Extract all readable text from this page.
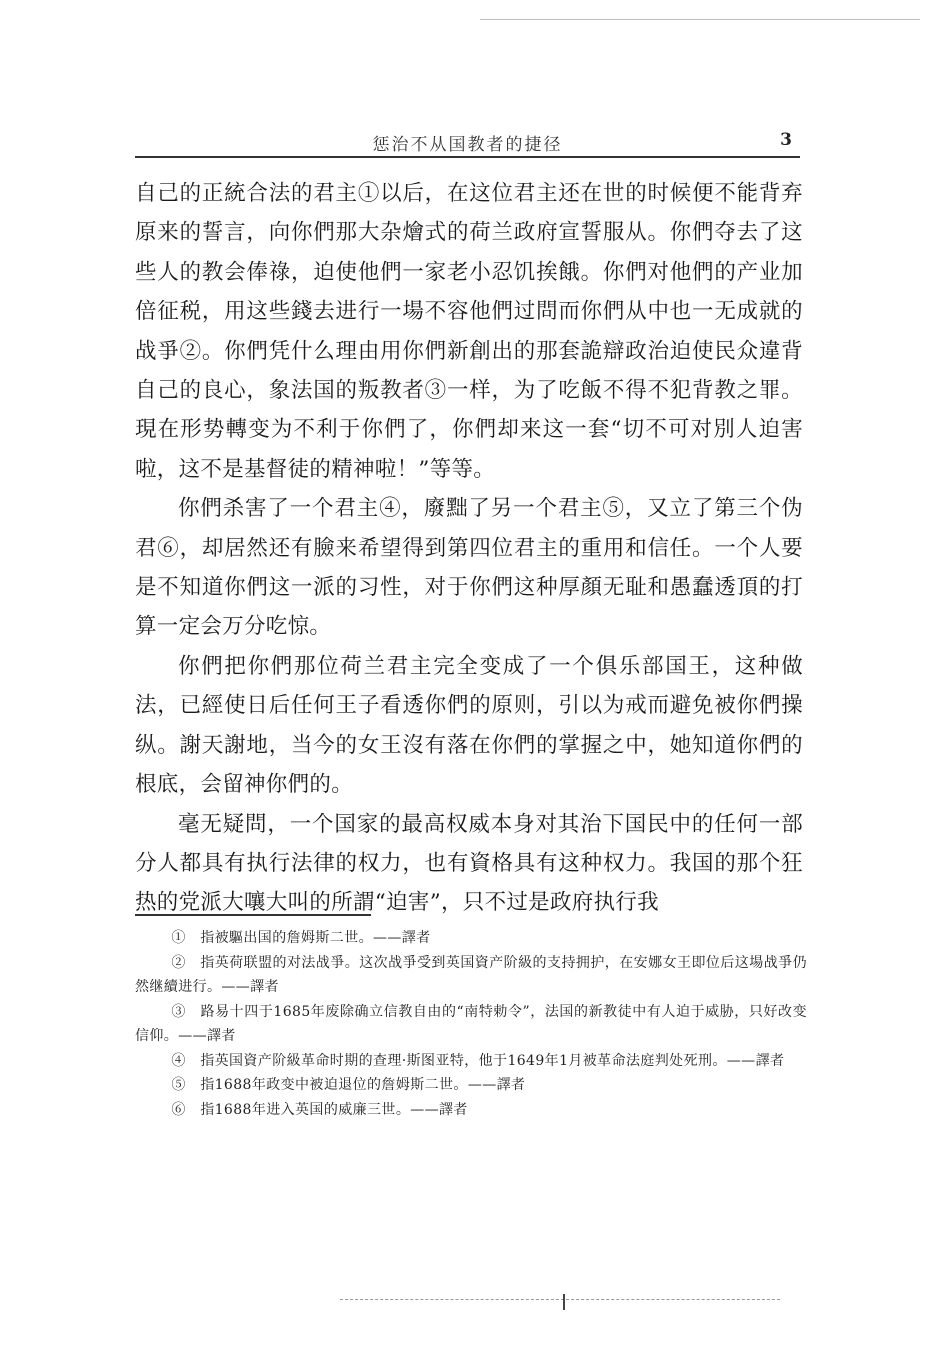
惩治不从国教者的捷径	3

自己的正統合法的君主①以后，在这位君主还在世的时候便不能背弃原来的誓言，向你們那大杂燴式的荷兰政府宣誓服从。你們夺去了这些人的教会俸祿，迫使他們一家老小忍饥挨餓。你們对他們的产业加倍征税，用这些錢去进行一場不容他們过問而你們从中也一无成就的战爭②。你們凭什么理由用你們新創出的那套詭辯政治迫使民众違背自己的良心，象法国的叛教者③一样，为了吃飯不得不犯背教之罪。現在形势轉变为不利于你們了，你們却来这一套“切不可对別人迫害啦，这不是基督徒的精神啦！”等等。

你們杀害了一个君主④，廢黜了另一个君主⑤，又立了第三个伪君⑥，却居然还有臉来希望得到第四位君主的重用和信任。一个人要是不知道你們这一派的习性，对于你們这种厚顏无耻和愚蠢透頂的打算一定会万分吃惊。

你們把你們那位荷兰君主完全变成了一个俱乐部国王，这种做法，已經使日后任何王子看透你們的原则，引以为戒而避免被你們操纵。謝天謝地，当今的女王沒有落在你們的掌握之中，她知道你們的根底，会留神你們的。

毫无疑問，一个国家的最高权威本身对其治下国民中的任何一部分人都具有执行法律的权力，也有資格具有这种权力。我国的那个狂热的党派大嚷大叫的所謂“迫害”，只不过是政府执行我

①　指被驅出国的詹姆斯二世。——譯者

②　指英荷联盟的对法战爭。这次战爭受到英国資产阶級的支持拥护，在安娜女王即位后这場战爭仍然继續进行。——譯者

③　路易十四于1685年废除确立信教自由的“南特勅令”，法国的新教徒中有人迫于威胁，只好改变信仰。——譯者

④　指英国資产阶級革命时期的查理·斯图亚特，他于1649年1月被革命法庭判处死刑。——譯者

⑤　指1688年政变中被迫退位的詹姆斯二世。——譯者

⑥　指1688年进入英国的威廉三世。——譯者
